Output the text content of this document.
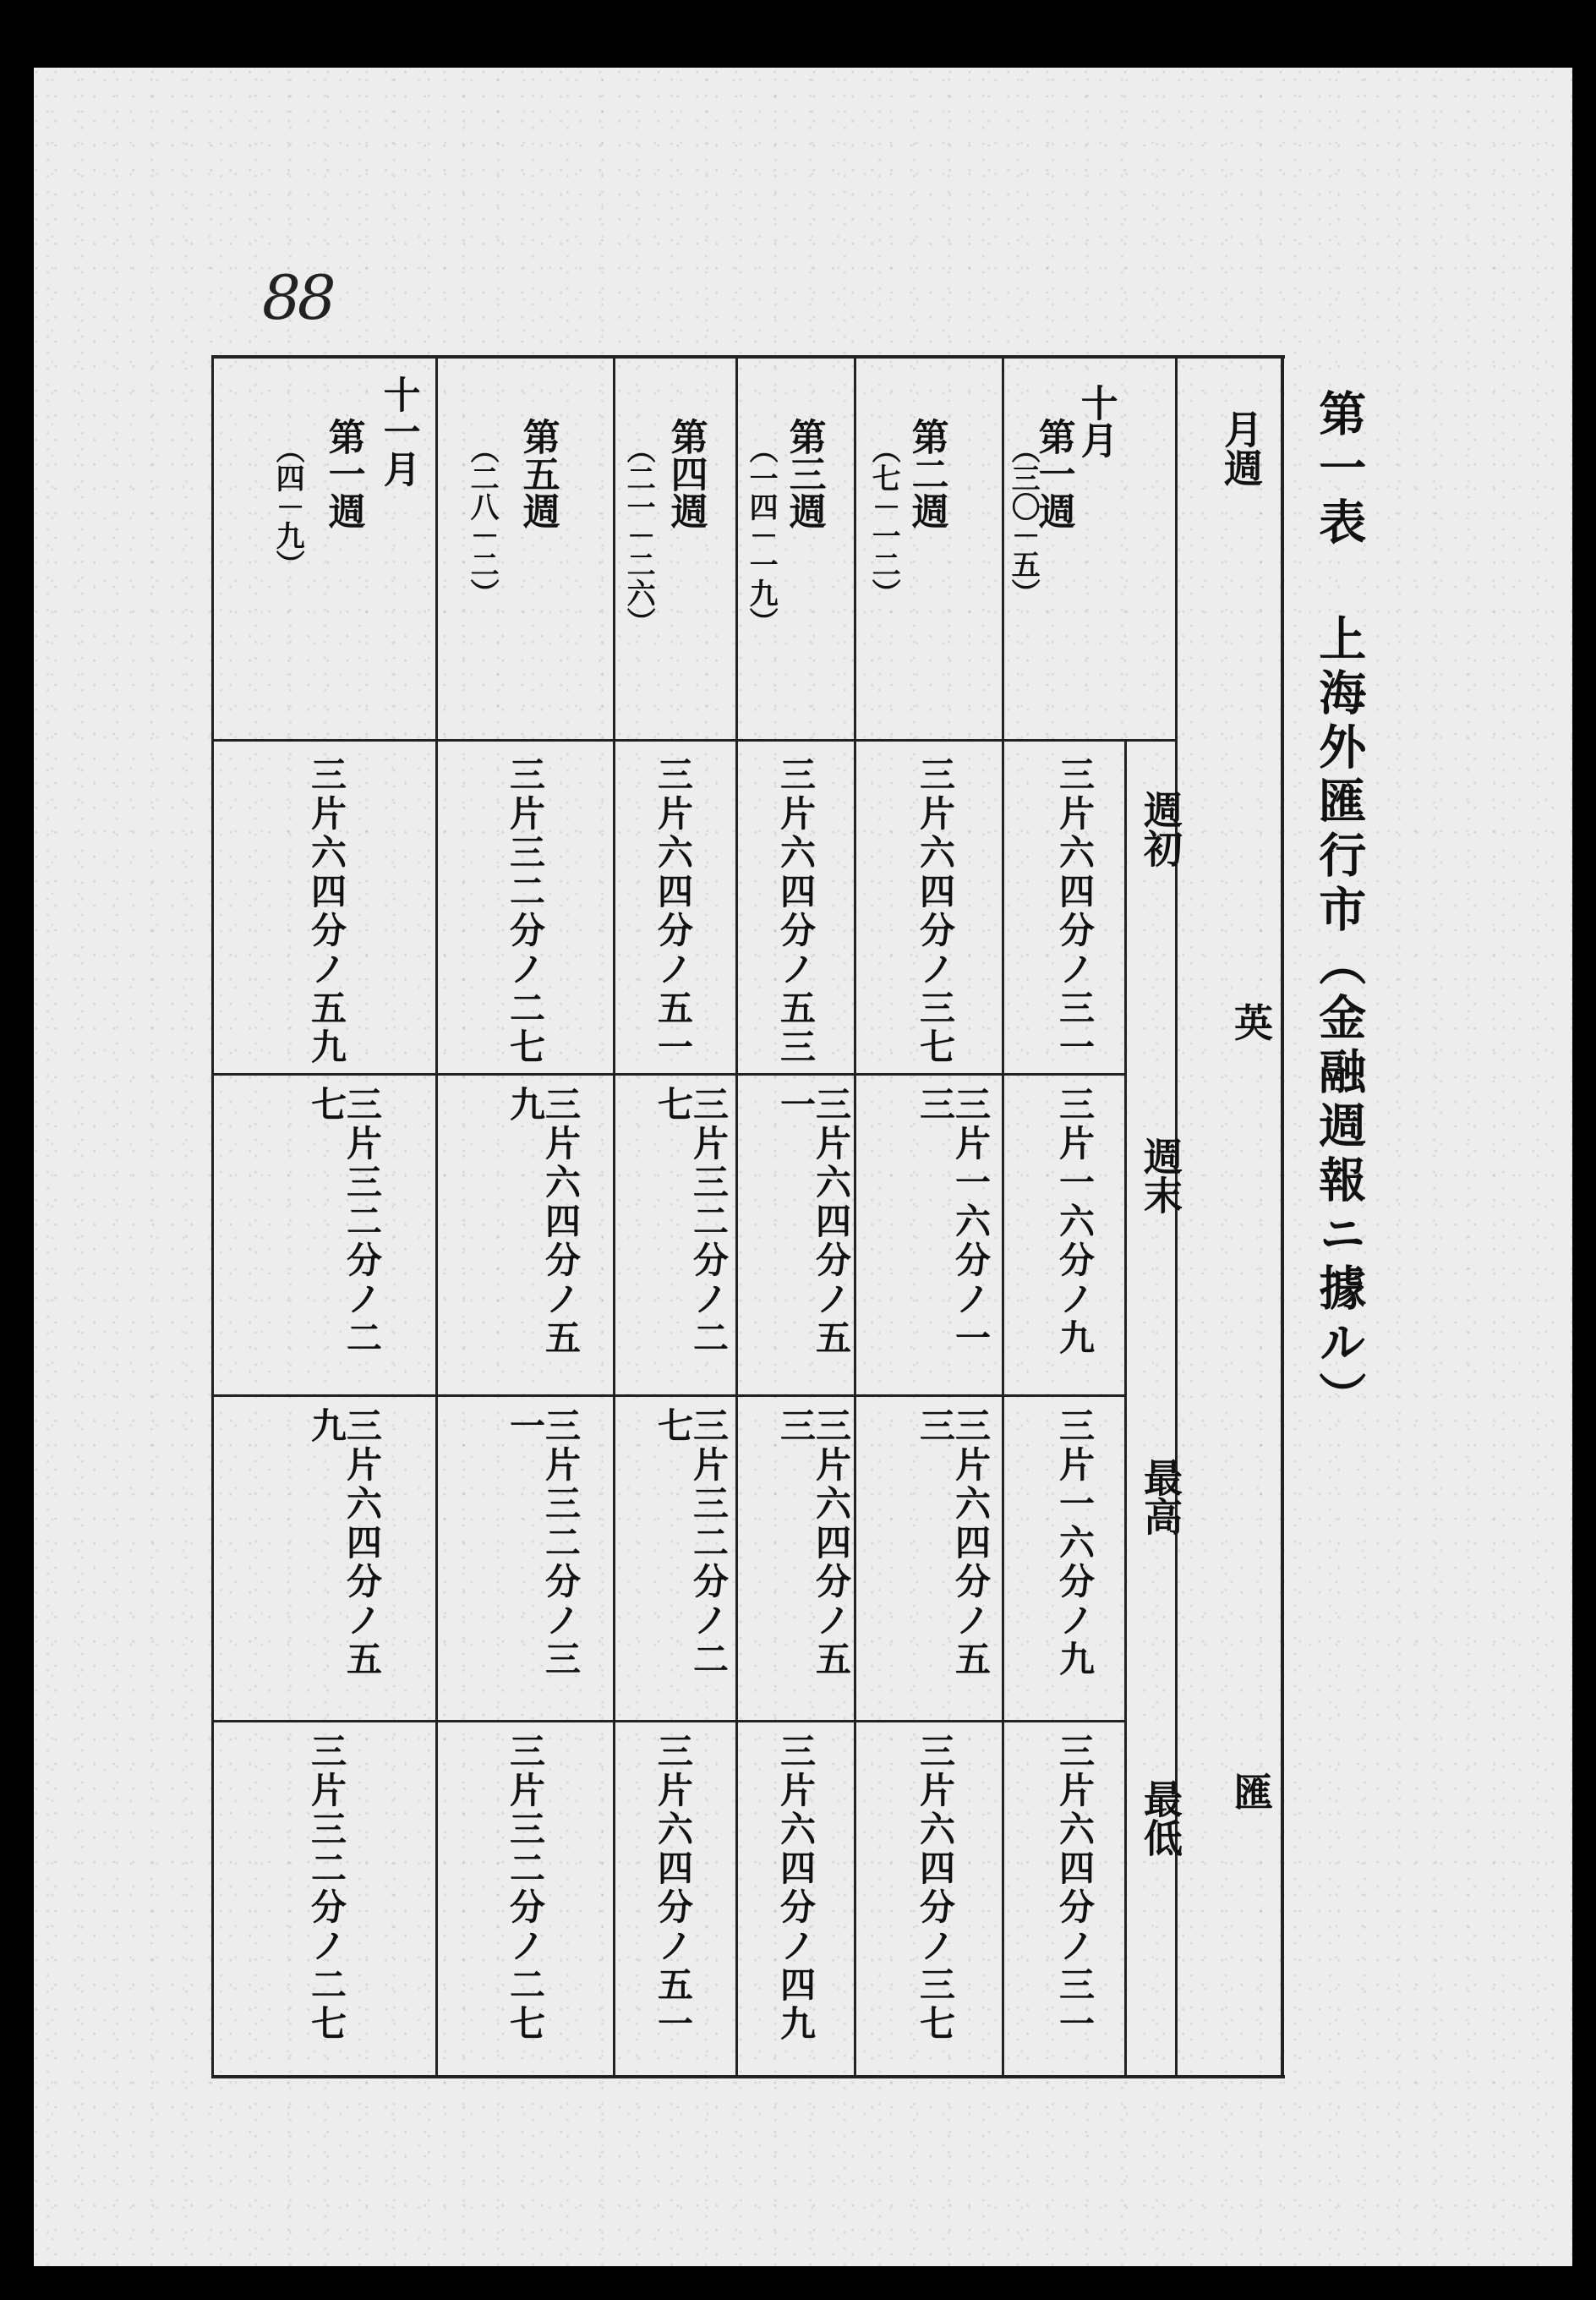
88
第一表 上海外匯行市（金融週報ニ據ル）
月週
英
匯
週初
週末
最高
最低
十月
第一週
（三〇－五）
三片六四分ノ三一
三片一六分ノ九
三片一六分ノ九
三片六四分ノ三一
第二週
（七－一二）
三片六四分ノ三七
三片一六分ノ一三
三片六四分ノ五三
三片六四分ノ三七
第三週
（一四－一九）
三片六四分ノ五三
三片六四分ノ五一
三片六四分ノ五三
三片六四分ノ四九
第四週
（二一－二六）
三片六四分ノ五一
三片三二分ノ二七
三片三二分ノ二七
三片六四分ノ五一
第五週
（二八－二）
三片三二分ノ二七
三片六四分ノ五九
三片三二分ノ三一
三片三二分ノ二七
十一月
第一週
（四－九）
三片六四分ノ五九
三片三二分ノ二七
三片六四分ノ五九
三片三二分ノ二七
